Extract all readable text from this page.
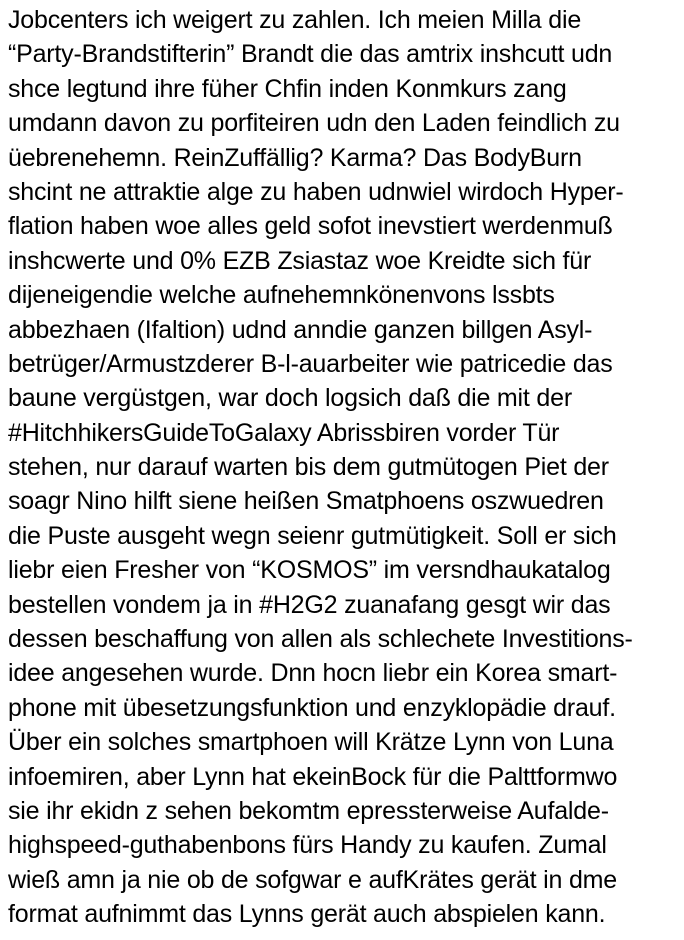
Jobcenters ich weigert zu zahlen. Ich meien Milla die
“Party-Brandstifterin” Brandt die das amtrix inshcutt udn
shce legtund ihre füher Chfin inden Konmkurs zang
umdann davon zu porfiteiren udn den Laden feindlich zu
üebrenehemn. ReinZuffällig? Karma? Das BodyBurn
shcint ne attraktie alge zu haben udnwiel wirdoch Hyper-
flation haben woe alles geld sofot inevstiert werdenmuß
inshcwerte und 0% EZB Zsiastaz woe Kreidte sich für
dijeneigendie welche aufnehemnkönenvons lssbts
abbezhaen (Ifaltion) udnd anndie ganzen billgen Asyl-
betrüger/Armustzderer B-l-auarbeiter wie patricedie das
baune vergüstgen, war doch logsich daß die mit der
#HitchhikersGuideToGalaxy Abrissbiren vorder Tür
stehen, nur darauf warten bis dem gutmütogen Piet der
soagr Nino hilft siene heißen Smatphoens oszwuedren
die Puste ausgeht wegn seienr gutmütigkeit. Soll er sich
liebr eien Fresher von “KOSMOS” im versndhaukatalog
bestellen vondem ja in #H2G2 zuanafang gesgt wir das
dessen beschaffung von allen als schlechete Investitions-
idee angesehen wurde. Dnn hocn liebr ein Korea smart-
phone mit übesetzungsfunktion und enzyklopädie drauf.
Über ein solches smartphoen will Krätze Lynn von Luna
infoemiren, aber Lynn hat ekeinBock für die Palttformwo
sie ihr ekidn z sehen bekomtm epressterweise Aufalde-
highspeed-guthabenbons fürs Handy zu kaufen. Zumal
wieß amn ja nie ob de sofgwar e aufKrätes gerät in dme
format aufnimmt das Lynns gerät auch abspielen kann.
